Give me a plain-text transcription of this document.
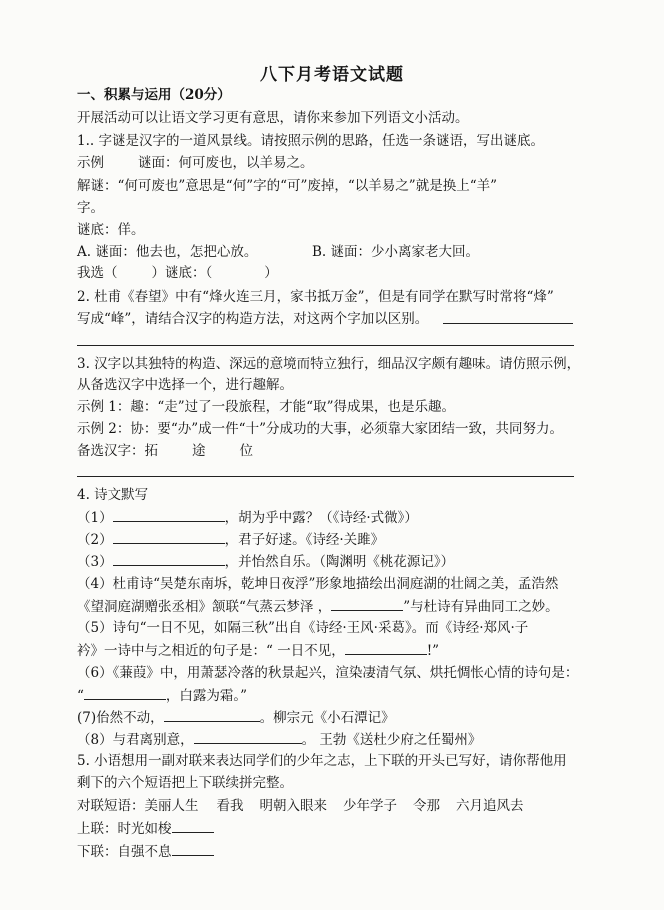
八下月考语文试题
一、积累与运用（20分）
开展活动可以让语文学习更有意思，请你来参加下列语文小活动。
1.. 字谜是汉字的一道风景线。请按照示例的思路，任选一条谜语，写出谜底。
示例	谜面：何可废也，以羊易之。
解谜：“何可废也”意思是“何”字的“可”废掉，“以羊易之”就是换上“羊”
字。
谜底：佯。
A. 谜面：他去也，怎把心放。	B. 谜面：少小离家老大回。
我选（	）谜底：（	）
2. 杜甫《春望》中有“烽火连三月，家书抵万金”，但是有同学在默写时常将“烽”
写成“峰”，请结合汉字的构造方法，对这两个字加以区别。
3. 汉字以其独特的构造、深远的意境而特立独行，细品汉字颇有趣味。请仿照示例，
从备选汉字中选择一个，进行趣解。
示例 1：趣：“走”过了一段旅程，才能“取”得成果，也是乐趣。
示例 2：协：要“办”成一件“十”分成功的大事，必须靠大家团结一致，共同努力。
备选汉字：拓	途	位
4. 诗文默写
（1）	，胡为乎中露？（《诗经·式微》）
（2）	，君子好逑。《诗经·关雎》
（3）	，并怡然自乐。（陶渊明《桃花源记》）
（4）杜甫诗“吴楚东南坼，乾坤日夜浮”形象地描绘出洞庭湖的壮阔之美，孟浩然
《望洞庭湖赠张丞相》颔联“气蒸云梦泽 ，	”与杜诗有异曲同工之妙。
（5）诗句“一日不见，如隔三秋”出自《诗经·王风·采葛》。而《诗经·郑风·子
衿》一诗中与之相近的句子是：“ 一日不见，	!”
（6）《蒹葭》中，用萧瑟冷落的秋景起兴，渲染凄清气氛、烘托惆怅心情的诗句是：
“	，白露为霜。”
(7)佁然不动，	。柳宗元《小石潭记》
（8）与君离别意，	。 王勃《送杜少府之任蜀州》
5. 小语想用一副对联来表达同学们的少年之志，上下联的开头已写好，请你帮他用
剩下的六个短语把上下联续拼完整。
对联短语：美丽人生 看我 明朝入眼来 少年学子 令那 六月追风去
上联：时光如梭
下联：自强不息
